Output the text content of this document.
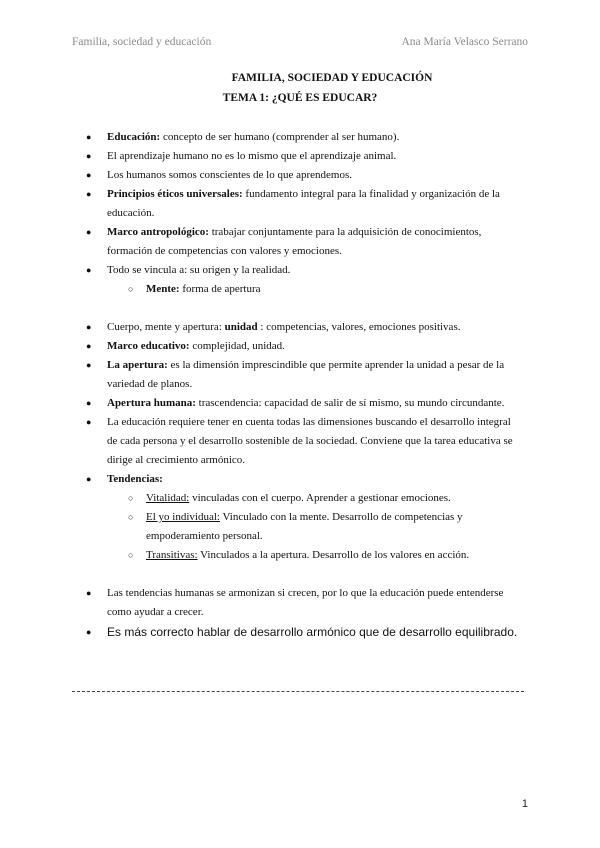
Familia, sociedad y educación	Ana María Velasco Serrano
FAMILIA, SOCIEDAD Y EDUCACIÓN
TEMA 1: ¿QUÉ ES EDUCAR?
● Educación: concepto de ser humano (comprender al ser humano).
● El aprendizaje humano no es lo mismo que el aprendizaje animal.
● Los humanos somos conscientes de lo que aprendemos.
● Principios éticos universales: fundamento integral para la finalidad y organización de la educación.
● Marco antropológico: trabajar conjuntamente para la adquisición de conocimientos, formación de competencias con valores y emociones.
● Todo se vincula a: su origen y la realidad.
○ Mente: forma de apertura
● Cuerpo, mente y apertura: unidad : competencias, valores, emociones positivas.
● Marco educativo: complejidad, unidad.
● La apertura: es la dimensión imprescindible que permite aprender la unidad a pesar de la variedad de planos.
● Apertura humana: trascendencia: capacidad de salir de sí mismo, su mundo circundante.
● La educación requiere tener en cuenta todas las dimensiones buscando el desarrollo integral de cada persona y el desarrollo sostenible de la sociedad. Conviene que la tarea educativa se dirige al crecimiento armónico.
● Tendencias:
○ Vitalidad: vinculadas con el cuerpo. Aprender a gestionar emociones.
○ El yo individual: Vinculado con la mente. Desarrollo de competencias y empoderamiento personal.
○ Transitivas: Vinculados a la apertura. Desarrollo de los valores en acción.
● Las tendencias humanas se armonizan si crecen, por lo que la educación puede entenderse como ayudar a crecer.
● Es más correcto hablar de desarrollo armónico que de desarrollo equilibrado.
1
